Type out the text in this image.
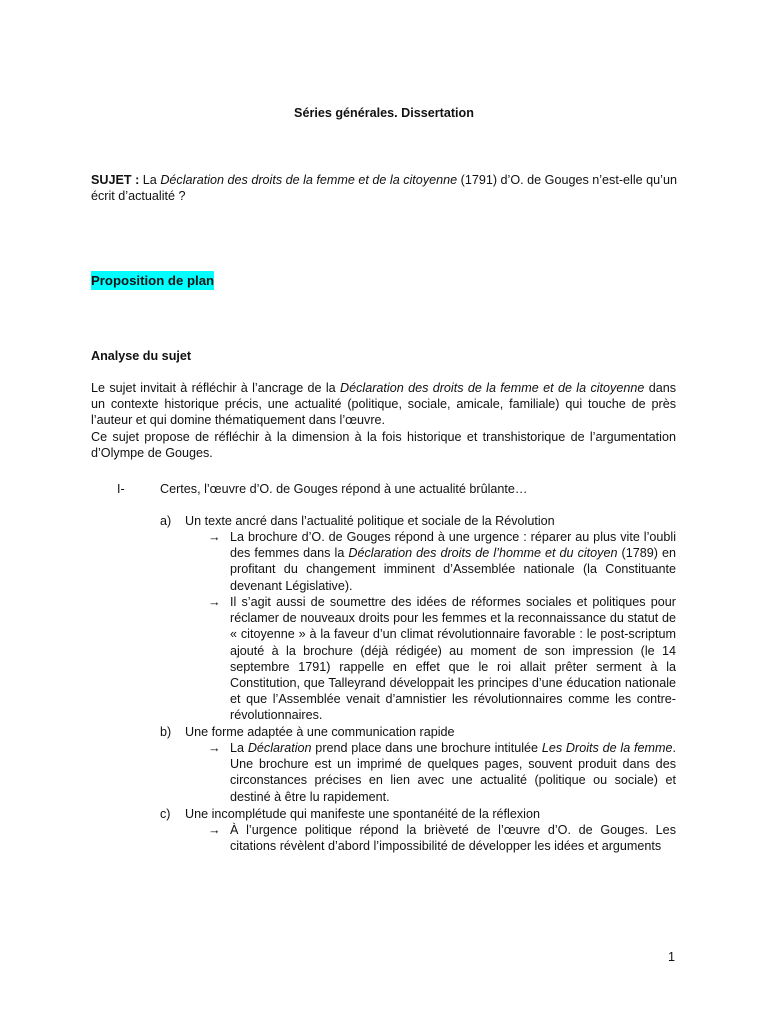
Séries générales. Dissertation
SUJET : La Déclaration des droits de la femme et de la citoyenne (1791) d’O. de Gouges n’est-elle qu’un écrit d’actualité ?
Proposition de plan
Analyse du sujet
Le sujet invitait à réfléchir à l’ancrage de la Déclaration des droits de la femme et de la citoyenne dans un contexte historique précis, une actualité (politique, sociale, amicale, familiale) qui touche de près l’auteur et qui domine thématiquement dans l’œuvre.
Ce sujet propose de réfléchir à la dimension à la fois historique et transhistorique de l’argumentation d’Olympe de Gouges.
I-	Certes, l’œuvre d’O. de Gouges répond à une actualité brûlante…
a) Un texte ancré dans l’actualité politique et sociale de la Révolution
→ La brochure d’O. de Gouges répond à une urgence : réparer au plus vite l’oubli des femmes dans la Déclaration des droits de l’homme et du citoyen (1789) en profitant du changement imminent d’Assemblée nationale (la Constituante devenant Législative).
→ Il s’agit aussi de soumettre des idées de réformes sociales et politiques pour réclamer de nouveaux droits pour les femmes et la reconnaissance du statut de « citoyenne » à la faveur d’un climat révolutionnaire favorable : le post-scriptum ajouté à la brochure (déjà rédigée) au moment de son impression (le 14 septembre 1791) rappelle en effet que le roi allait prêter serment à la Constitution, que Talleyrand développait les principes d’une éducation nationale et que l’Assemblée venait d’amnistier les révolutionnaires comme les contre-révolutionnaires.
b) Une forme adaptée à une communication rapide
→ La Déclaration prend place dans une brochure intitulée Les Droits de la femme. Une brochure est un imprimé de quelques pages, souvent produit dans des circonstances précises en lien avec une actualité (politique ou sociale) et destiné à être lu rapidement.
c) Une incomplétude qui manifeste une spontanéité de la réflexion
→ À l’urgence politique répond la brièveté de l’œuvre d’O. de Gouges. Les citations révèlent d’abord l’impossibilité de développer les idées et arguments
1
